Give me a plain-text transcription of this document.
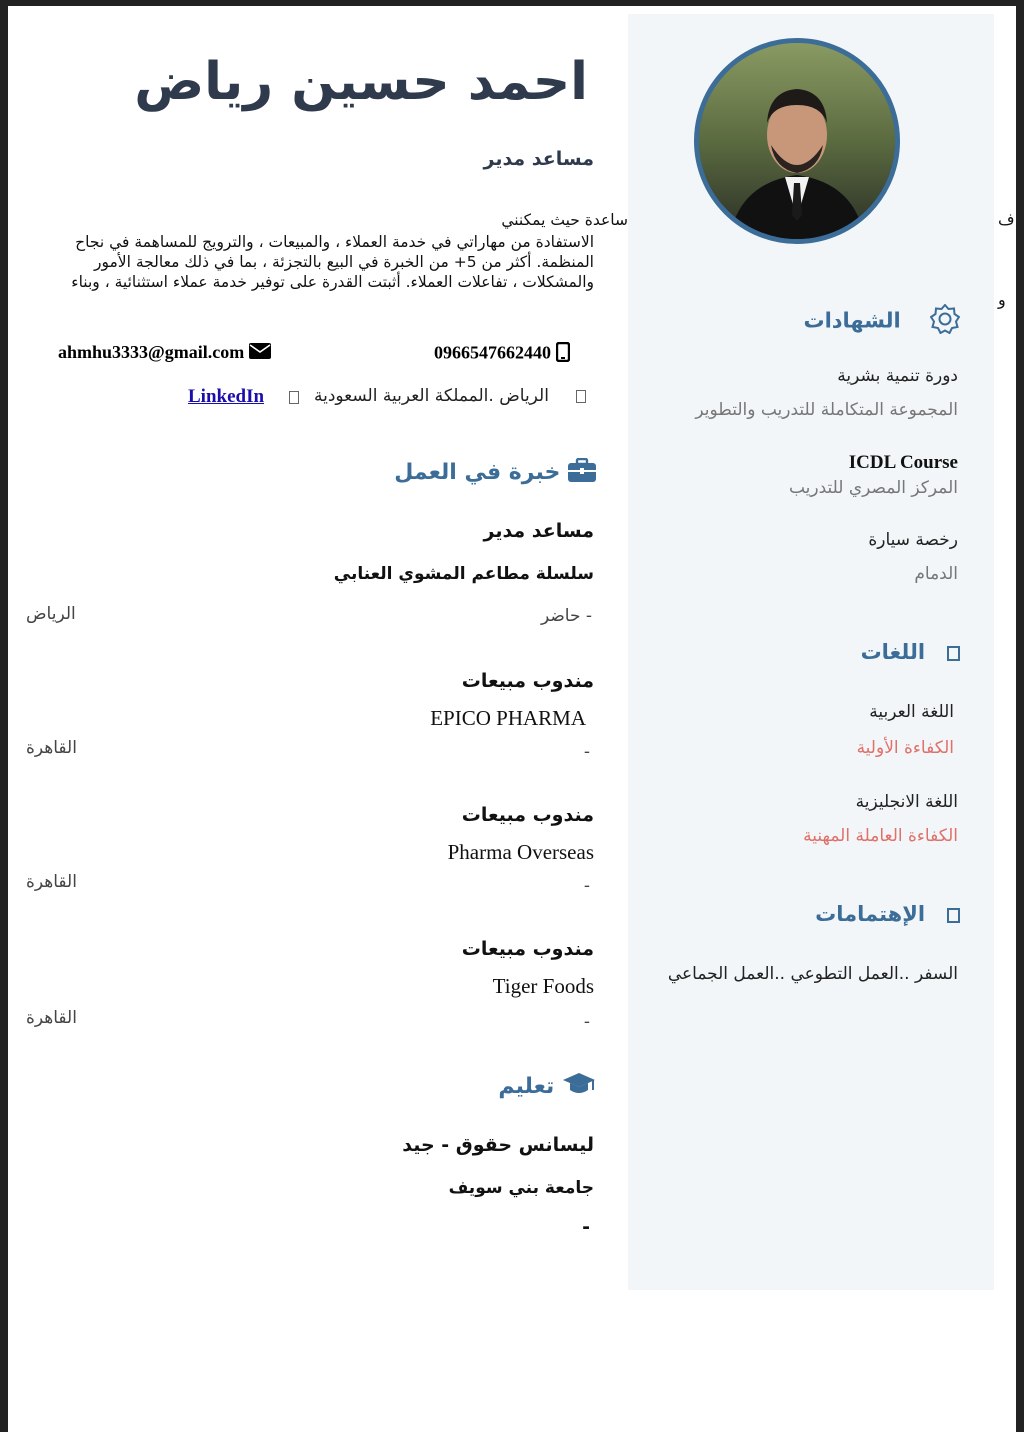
احمد حسين رياض
مساعد مدير
ساعدة حيث يمكنني
الاستفادة من مهاراتي في خدمة العملاء ، والمبيعات ، والترويج للمساهمة في نجاح
المنظمة. أكثر من 5+ من الخبرة في البيع بالتجزئة ، بما في ذلك معالجة الأمور
والمشكلات ، تفاعلات العملاء. أثبتت القدرة على توفير خدمة عملاء استثنائية ، وبناء
0966547662440
ahmhu3333@gmail.com
الرياض .المملكة العربية السعودية
LinkedIn
خبرة في العمل
مساعد مدير
سلسلة مطاعم المشوي العنابي
- حاضر
الرياض
مندوب مبيعات
EPICO PHARMA
-
القاهرة
مندوب مبيعات
Pharma Overseas
-
القاهرة
مندوب مبيعات
Tiger Foods
-
القاهرة
تعليم
ليسانس حقوق - جيد
جامعة بني سويف
-
ف
و
الشهادات
دورة تنمية بشرية
المجموعة المتكاملة للتدريب والتطوير
ICDL Course
المركز المصري للتدريب
رخصة سيارة
الدمام
اللغات
اللغة العربية
الكفاءة الأولية
اللغة الانجليزية
الكفاءة العاملة المهنية
الإهتمامات
السفر ..العمل التطوعي ..العمل الجماعي
